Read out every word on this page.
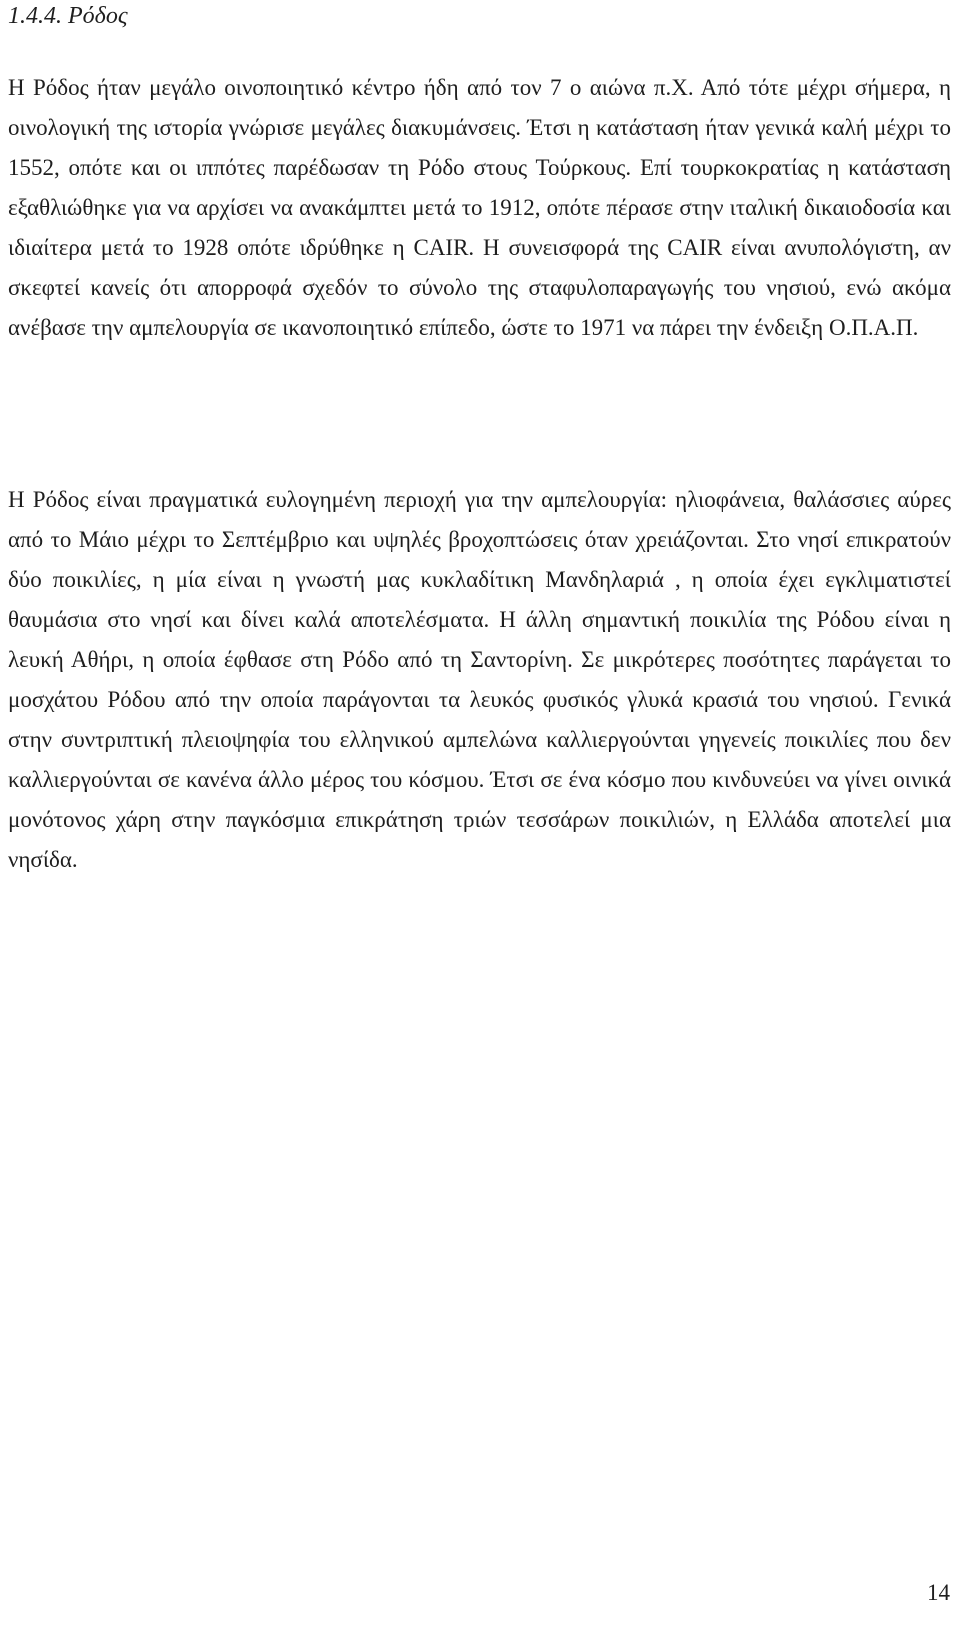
1.4.4. Ρόδος

Η Ρόδος ήταν μεγάλο οινοποιητικό κέντρο ήδη από τον 7 ο αιώνα π.Χ. Από τότε μέχρι σήμερα, η οινολογική της ιστορία γνώρισε μεγάλες διακυμάνσεις. Έτσι η κατάσταση ήταν γενικά καλή μέχρι το 1552, οπότε και οι ιππότες παρέδωσαν τη Ρόδο στους Τούρκους. Επί τουρκοκρατίας η κατάσταση εξαθλιώθηκε για να αρχίσει να ανακάμπτει μετά το 1912, οπότε πέρασε στην ιταλική δικαιοδοσία και ιδιαίτερα μετά το 1928 οπότε ιδρύθηκε η CAIR. Η συνεισφορά της CAIR είναι ανυπολόγιστη, αν σκεφτεί κανείς ότι απορροφά σχεδόν το σύνολο της σταφυλοπαραγωγής του νησιού, ενώ ακόμα ανέβασε την αμπελουργία σε ικανοποιητικό επίπεδο, ώστε το 1971 να πάρει την ένδειξη Ο.Π.Α.Π.

Η Ρόδος είναι πραγματικά ευλογημένη περιοχή για την αμπελουργία: ηλιοφάνεια, θαλάσσιες αύρες από το Μάιο μέχρι το Σεπτέμβριο και υψηλές βροχοπτώσεις όταν χρειάζονται. Στο νησί επικρατούν δύο ποικιλίες, η μία είναι η γνωστή μας κυκλαδίτικη Μανδηλαριά , η οποία έχει εγκλιματιστεί θαυμάσια στο νησί και δίνει καλά αποτελέσματα. Η άλλη σημαντική ποικιλία της Ρόδου είναι η λευκή Αθήρι, η οποία έφθασε στη Ρόδο από τη Σαντορίνη. Σε μικρότερες ποσότητες παράγεται το μοσχάτου Ρόδου από την οποία παράγονται τα λευκός φυσικός γλυκά κρασιά του νησιού. Γενικά στην συντριπτική πλειοψηφία του ελληνικού αμπελώνα καλλιεργούνται γηγενείς ποικιλίες που δεν καλλιεργούνται σε κανένα άλλο μέρος του κόσμου. Έτσι σε ένα κόσμο που κινδυνεύει να γίνει οινικά μονότονος χάρη στην παγκόσμια επικράτηση τριών τεσσάρων ποικιλιών, η Ελλάδα αποτελεί μια νησίδα.

14
